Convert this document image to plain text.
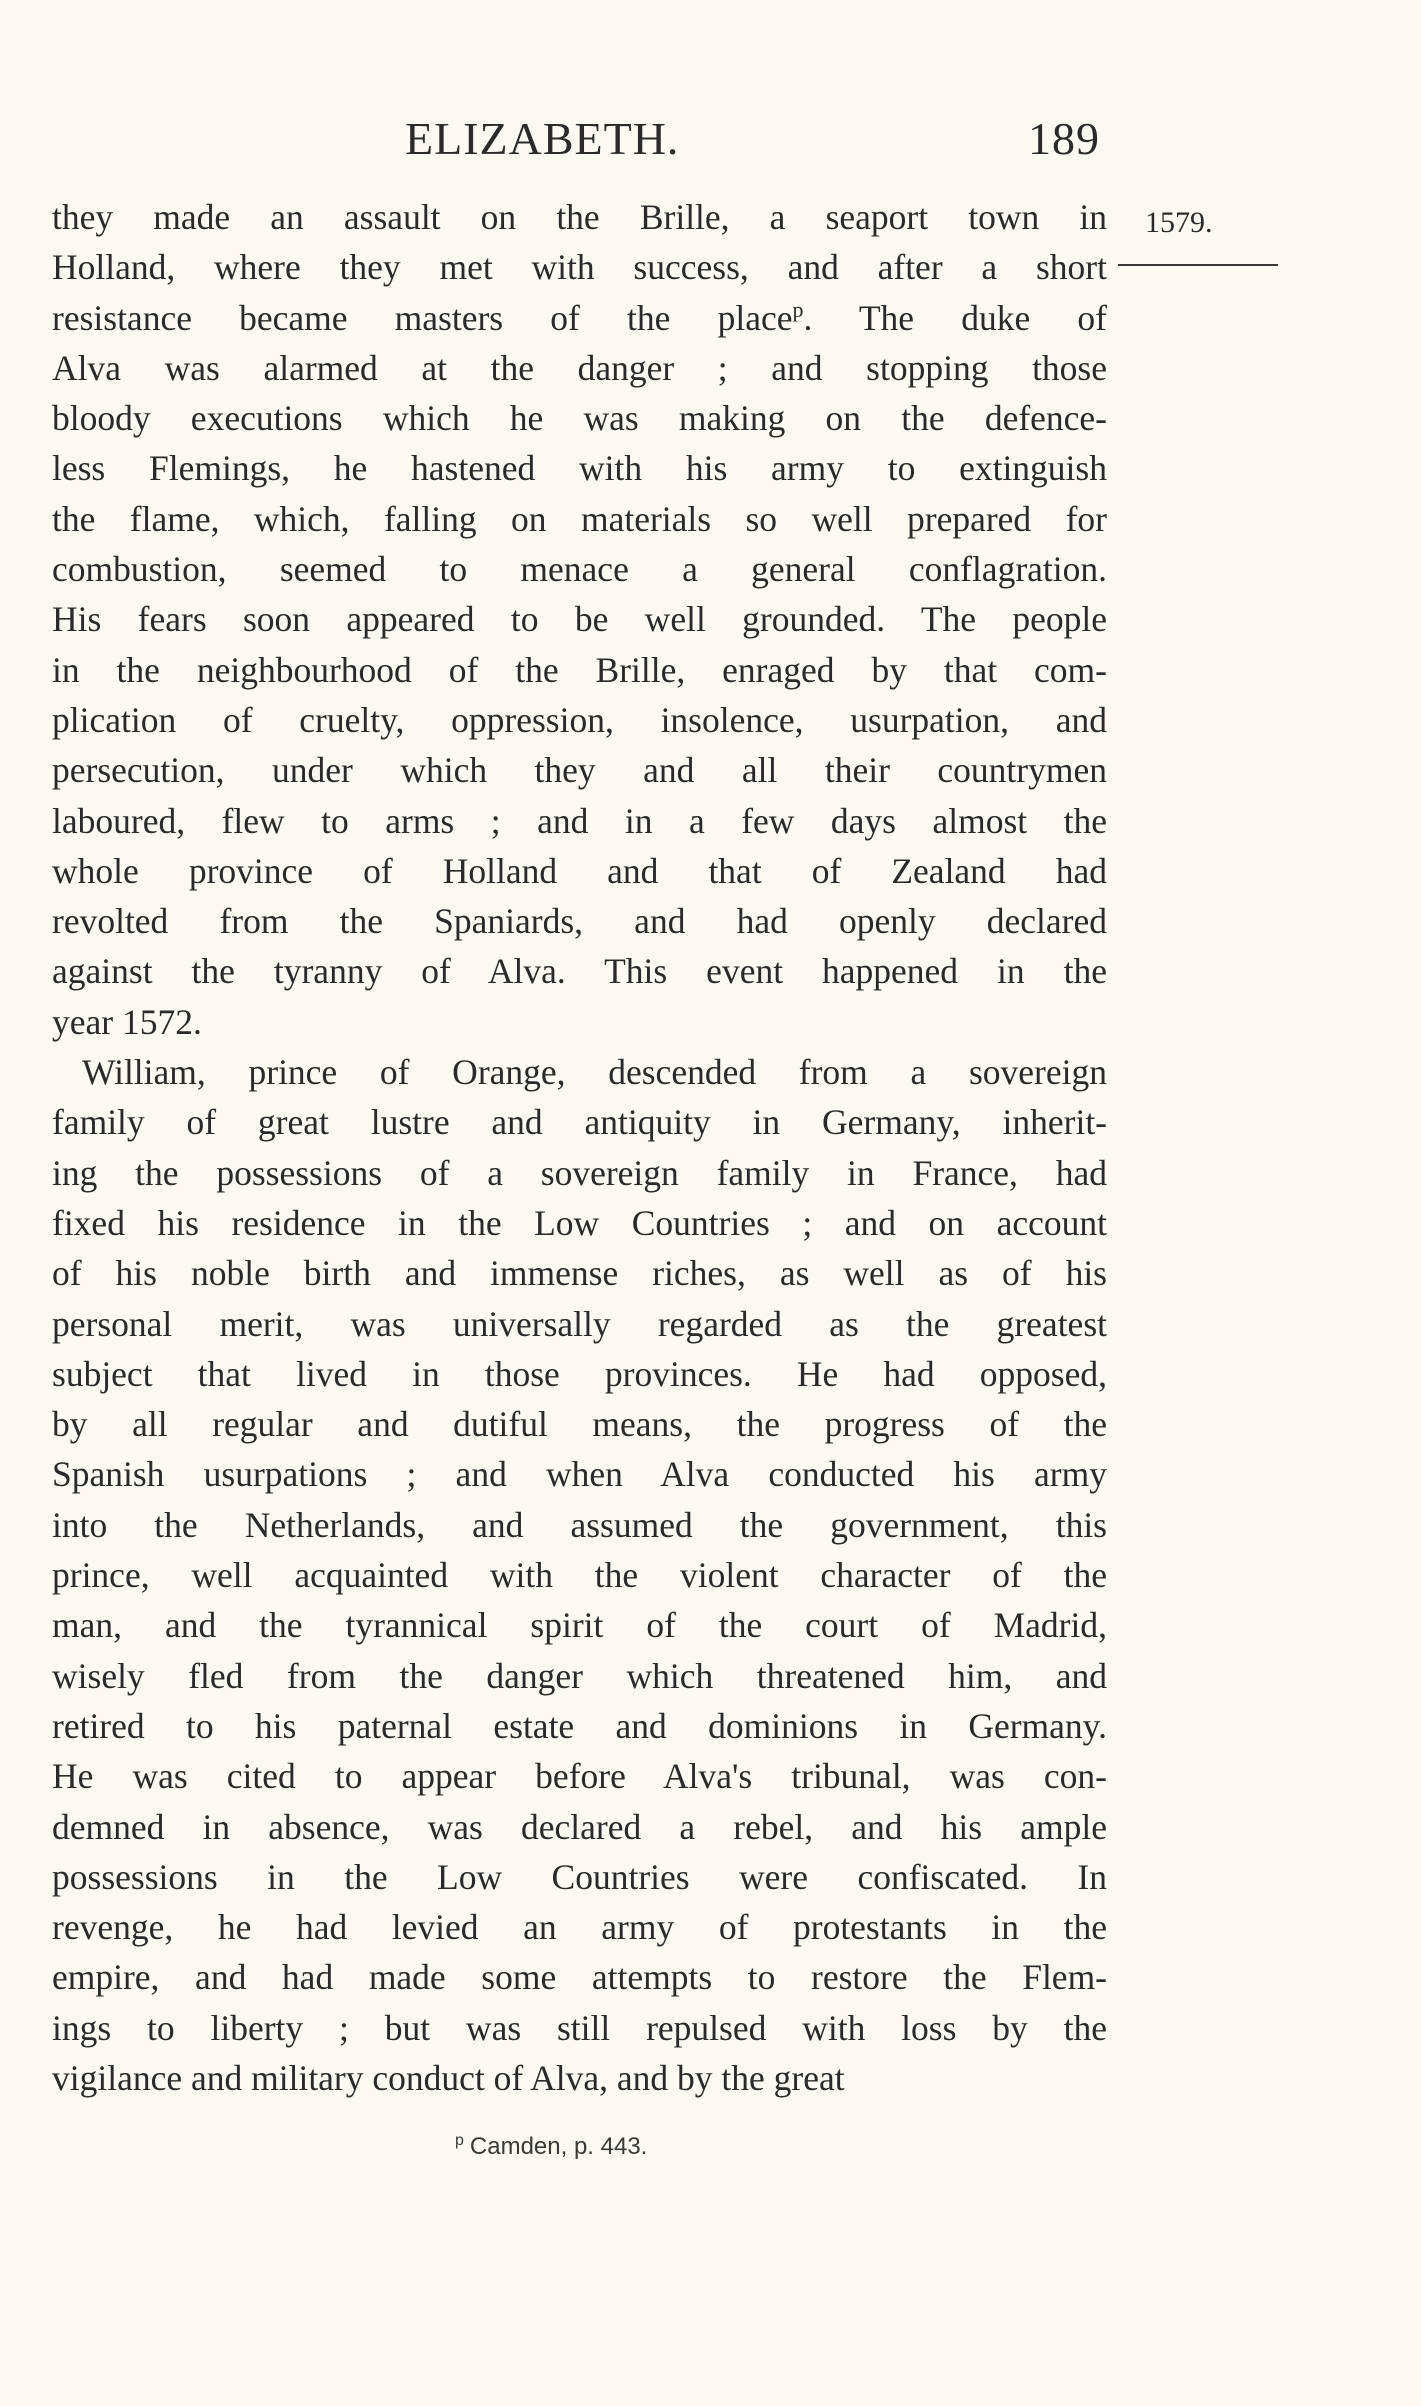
ELIZABETH.	189
1579.
they made an assault on the Brille, a seaport town in
Holland, where they met with success, and after a short
resistance became masters of the place$^p$. The duke of
Alva was alarmed at the danger ; and stopping those
bloody executions which he was making on the defence-
less Flemings, he hastened with his army to extinguish
the flame, which, falling on materials so well prepared for
combustion, seemed to menace a general conflagration.
His fears soon appeared to be well grounded. The people
in the neighbourhood of the Brille, enraged by that com-
plication of cruelty, oppression, insolence, usurpation, and
persecution, under which they and all their countrymen
laboured, flew to arms ; and in a few days almost the
whole province of Holland and that of Zealand had
revolted from the Spaniards, and had openly declared
against the tyranny of Alva. This event happened in the
year 1572.
William, prince of Orange, descended from a sovereign
family of great lustre and antiquity in Germany, inherit-
ing the possessions of a sovereign family in France, had
fixed his residence in the Low Countries ; and on account
of his noble birth and immense riches, as well as of his
personal merit, was universally regarded as the greatest
subject that lived in those provinces. He had opposed,
by all regular and dutiful means, the progress of the
Spanish usurpations ; and when Alva conducted his army
into the Netherlands, and assumed the government, this
prince, well acquainted with the violent character of the
man, and the tyrannical spirit of the court of Madrid,
wisely fled from the danger which threatened him, and
retired to his paternal estate and dominions in Germany.
He was cited to appear before Alva's tribunal, was con-
demned in absence, was declared a rebel, and his ample
possessions in the Low Countries were confiscated. In
revenge, he had levied an army of protestants in the
empire, and had made some attempts to restore the Flem-
ings to liberty ; but was still repulsed with loss by the
vigilance and military conduct of Alva, and by the great
$^p$ Camden, p. 443.
